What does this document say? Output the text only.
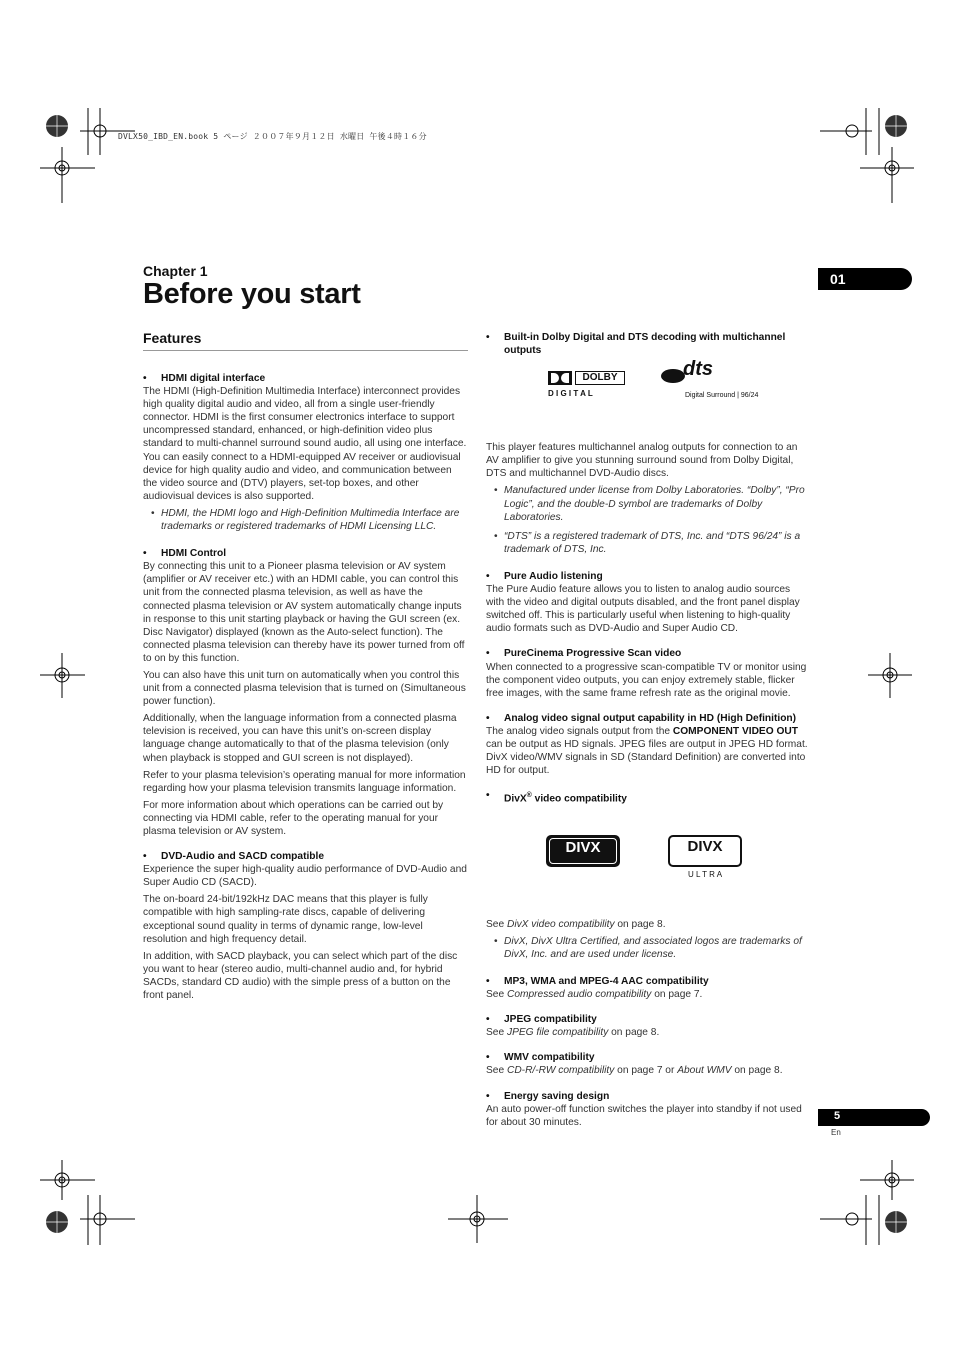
DVLX50_IBD_EN.book 5 ページ ２００７年９月１２日 水曜日 午後４時１６分
Chapter 1
Before you start	01
Features

• HDMI digital interface

The HDMI (High-Definition Multimedia Interface) interconnect provides high quality digital audio and video, all from a single user-friendly connector. HDMI is the first consumer electronics interface to support uncompressed standard, enhanced, or high-definition video plus standard to multi-channel surround sound audio, all using one interface. You can easily connect to a HDMI-equipped AV receiver or audiovisual device for high quality audio and video, and communication between the video source and (DTV) players, set-top boxes, and other audiovisual devices is also supported.

• HDMI, the HDMI logo and High-Definition Multimedia Interface are trademarks or registered trademarks of HDMI Licensing LLC.

• HDMI Control

By connecting this unit to a Pioneer plasma television or AV system (amplifier or AV receiver etc.) with an HDMI cable, you can control this unit from the connected plasma television, as well as have the connected plasma television or AV system automatically change inputs in response to this unit starting playback or having the GUI screen (ex. Disc Navigator) displayed (known as the Auto-select function). The connected plasma television can thereby have its power turned from off to on by this function.

You can also have this unit turn on automatically when you control this unit from a connected plasma television that is turned on (Simultaneous power function).

Additionally, when the language information from a connected plasma television is received, you can have this unit’s on-screen display language change automatically to that of the plasma television (only when playback is stopped and GUI screen is not displayed).

Refer to your plasma television’s operating manual for more information regarding how your plasma television transmits language information.

For more information about which operations can be carried out by connecting via HDMI cable, refer to the operating manual for your plasma television or AV system.

• DVD-Audio and SACD compatible

Experience the super high-quality audio performance of DVD-Audio and Super Audio CD (SACD).

The on-board 24-bit/192kHz DAC means that this player is fully compatible with high sampling-rate discs, capable of delivering exceptional sound quality in terms of dynamic range, low-level resolution and high frequency detail.

In addition, with SACD playback, you can select which part of the disc you want to hear (stereo audio, multi-channel audio and, for hybrid SACDs, standard CD audio) with the simple press of a button on the front panel.

• Built-in Dolby Digital and DTS decoding with multichannel outputs

DOLBY
D I G I T A L
dts
Digital Surround | 96/24

This player features multichannel analog outputs for connection to an AV amplifier to give you stunning surround sound from Dolby Digital, DTS and multichannel DVD-Audio discs.

• Manufactured under license from Dolby Laboratories. “Dolby”, “Pro Logic”, and the double-D symbol are trademarks of Dolby Laboratories.

• “DTS” is a registered trademark of DTS, Inc. and “DTS 96/24” is a trademark of DTS, Inc.

• Pure Audio listening

The Pure Audio feature allows you to listen to analog audio sources with the video and digital outputs disabled, and the front panel display switched off. This is particularly useful when listening to high-quality audio formats such as DVD-Audio and Super Audio CD.

• PureCinema Progressive Scan video

When connected to a progressive scan-compatible TV or monitor using the component video outputs, you can enjoy extremely stable, flicker free images, with the same frame refresh rate as the original movie.

• Analog video signal output capability in HD (High Definition)

The analog video signals output from the COMPONENT VIDEO OUT can be output as HD signals. JPEG files are output in JPEG HD format. DivX video/WMV signals in SD (Standard Definition) are converted into HD for output.

• DivX® video compatibility

DIVX	DIVX
U L T R A

See DivX video compatibility on page 8.

• DivX, DivX Ultra Certified, and associated logos are trademarks of DivX, Inc. and are used under license.

• MP3, WMA and MPEG-4 AAC compatibility

See Compressed audio compatibility on page 7.

• JPEG compatibility

See JPEG file compatibility on page 8.

• WMV compatibility

See CD-R/-RW compatibility on page 7 or About WMV on page 8.

• Energy saving design

An auto power-off function switches the player into standby if not used for about 30 minutes.

5
En
